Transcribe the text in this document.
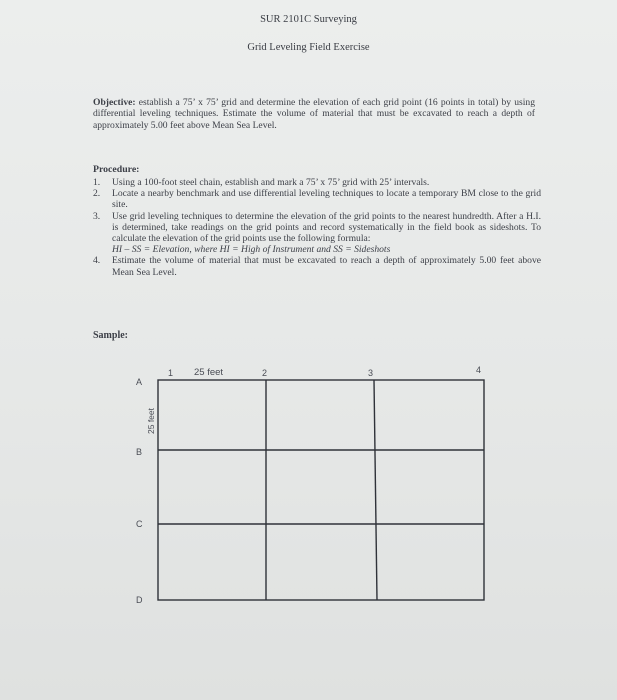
SUR 2101C Surveying
Grid Leveling Field Exercise
Objective: establish a 75’ x 75’ grid and determine the elevation of each grid point (16 points in total) by using differential leveling techniques. Estimate the volume of material that must be excavated to reach a depth of approximately 5.00 feet above Mean Sea Level.
Procedure:
1. Using a 100-foot steel chain, establish and mark a 75’ x 75’ grid with 25’ intervals.
2. Locate a nearby benchmark and use differential leveling techniques to locate a temporary BM close to the grid site.
3. Use grid leveling techniques to determine the elevation of the grid points to the nearest hundredth. After a H.I. is determined, take readings on the grid points and record systematically in the field book as sideshots. To calculate the elevation of the grid points use the following formula:
HI – SS = Elevation, where HI = High of Instrument and SS = Sideshots
4. Estimate the volume of material that must be excavated to reach a depth of approximately 5.00 feet above Mean Sea Level.
Sample:
1	2	3	4
25 feet
A
B
C
D
25 feet
